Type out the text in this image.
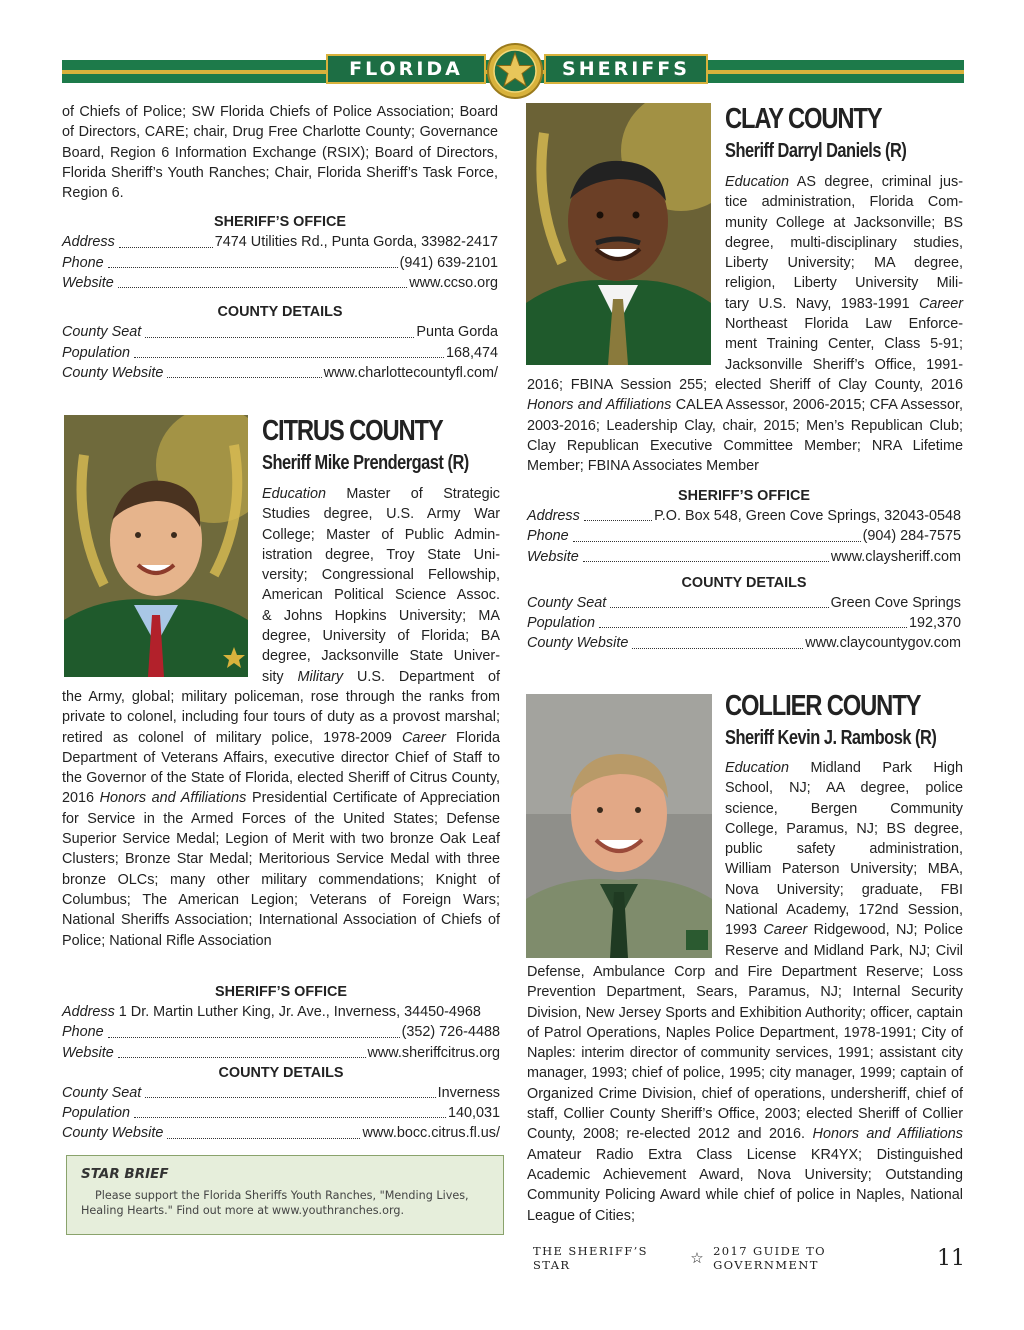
FLORIDA	SHERIFFS

of Chiefs of Police; SW Florida Chiefs of Police Association; Board of Directors, CARE; chair, Drug Free Charlotte County; Governance Board, Region 6 Information Exchange (RSIX); Board of Directors, Florida Sheriff’s Youth Ranches; Chair, Florida Sheriff’s Task Force, Region 6.

SHERIFF’S OFFICE
Address	7474 Utilities Rd., Punta Gorda, 33982-2417
Phone	(941) 639-2101
Website	www.ccso.org
COUNTY DETAILS
County Seat	Punta Gorda
Population	168,474
County Website	www.charlottecountyfl.com/
CITRUS COUNTY
Sheriff Mike Prendergast (R)
Education Master of Strategic
Studies degree, U.S. Army War
College; Master of Public Admin-
istration degree, Troy State Uni-
versity; Congressional Fellowship,
American Political Science Assoc.
& Johns Hopkins University; MA
degree, University of Florida; BA
degree, Jacksonville State Univer-
sity Military U.S. Department of
the Army, global; military policeman, rose through the ranks from private to colonel, including four tours of duty as a provost marshal; retired as colonel of military police, 1978-2009 Career Florida Department of Veterans Affairs, executive director Chief of Staff to the Governor of the State of Florida, elected Sheriff of Citrus County, 2016 Honors and Affiliations Presidential Certificate of Appreciation for Service in the Armed Forces of the United States; Defense Superior Service Medal; Legion of Merit with two bronze Oak Leaf Clusters; Bronze Star Medal; Meritorious Service Medal with three bronze OLCs; many other military commendations; Knight of Columbus; The American Legion; Veterans of Foreign Wars; National Sheriffs Association; International Association of Chiefs of Police; National Rifle Association
SHERIFF’S OFFICE
Address
1 Dr. Martin Luther King, Jr. Ave., Inverness, 34450-4968
Phone	(352) 726-4488
Website	www.sheriffcitrus.org
COUNTY DETAILS
County Seat	Inverness
Population	140,031
County Website	www.bocc.citrus.fl.us/
STAR BRIEF
Please support the Florida Sheriffs Youth Ranches, "Mending Lives, Healing Hearts." Find out more at www.youthranches.org.
CLAY COUNTY
Sheriff Darryl Daniels (R)
Education AS degree, criminal jus-
tice administration, Florida Com-
munity College at Jacksonville; BS
degree, multi-disciplinary studies,
Liberty University; MA degree,
religion, Liberty University Mili-
tary U.S. Navy, 1983-1991 Career
Northeast Florida Law Enforce-
ment Training Center, Class 5-91;
Jacksonville Sheriff’s Office, 1991-
2016; FBINA Session 255; elected Sheriff of Clay County, 2016 Honors and Affiliations CALEA Assessor, 2006-2015; CFA Assessor, 2003-2016; Leadership Clay, chair, 2015; Men’s Republican Club; Clay Republican Executive Committee Member; NRA Lifetime Member; FBINA Associates Member
SHERIFF’S OFFICE
Address	P.O. Box 548, Green Cove Springs, 32043-0548
Phone	(904) 284-7575
Website	www.claysheriff.com
COUNTY DETAILS
County Seat	Green Cove Springs
Population	192,370
County Website	www.claycountygov.com
COLLIER COUNTY
Sheriff Kevin J. Rambosk (R)
Education Midland Park High
School, NJ; AA degree, police
science, Bergen Community
College, Paramus, NJ; BS degree,
public safety administration,
William Paterson University; MBA,
Nova University; graduate, FBI
National Academy, 172nd Session,
1993 Career Ridgewood, NJ; Police
Reserve and Midland Park, NJ; Civil
Defense, Ambulance Corp and Fire Department Reserve; Loss Prevention Department, Sears, Paramus, NJ; Internal Security Division, New Jersey Sports and Exhibition Authority; officer, captain of Patrol Operations, Naples Police Department, 1978-1991; City of Naples: interim director of community services, 1991; assistant city manager, 1993; chief of police, 1995; city manager, 1999; captain of Organized Crime Division, chief of operations, undersheriff, chief of staff, Collier County Sheriff’s Office, 2003; elected Sheriff of Collier County, 2008; re-elected 2012 and 2016. Honors and Affiliations Amateur Radio Extra Class License KR4YX; Distinguished Academic Achievement Award, Nova University; Outstanding Community Policing Award while chief of police in Naples, National League of Cities;
THE SHERIFF’S STAR	☆ 2017 GUIDE TO GOVERNMENT	11
